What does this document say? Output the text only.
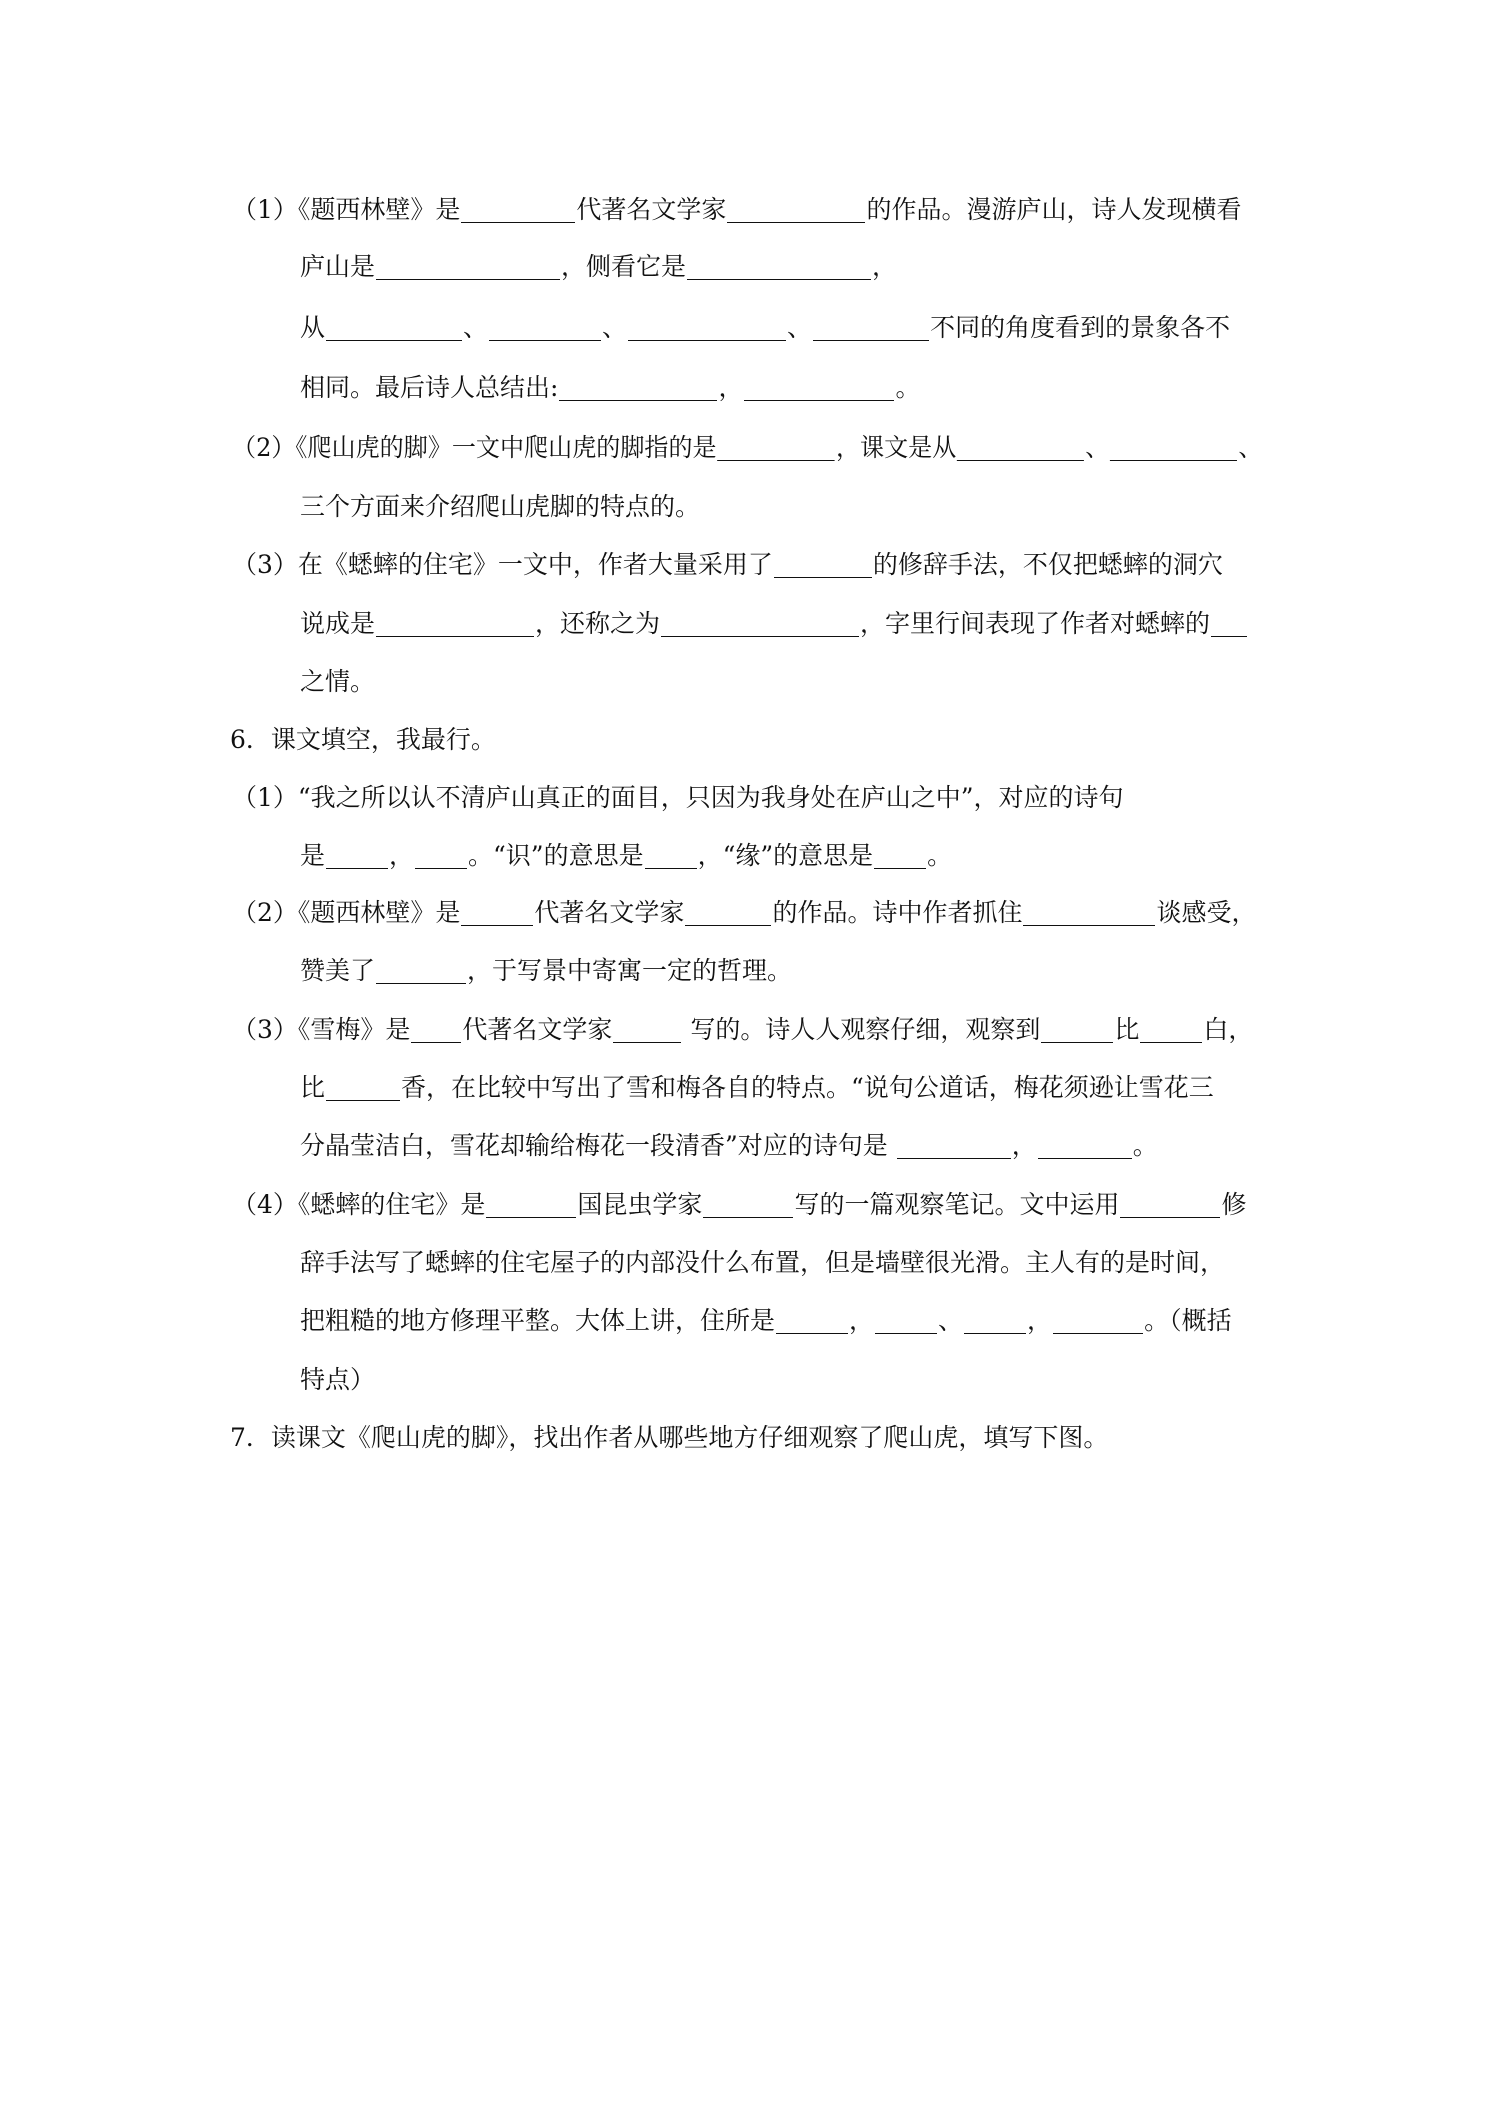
（1）《题西林壁》是	代著名文学家	的作品。漫游庐山，诗人发现横看
庐山是	，侧看它是	，
从	、	、	、	不同的角度看到的景象各不
相同。最后诗人总结出:	，	。
（2）《爬山虎的脚》一文中爬山虎的脚指的是	，课文是从	、	、
三个方面来介绍爬山虎脚的特点的。
（3）在《蟋蟀的住宅》一文中，作者大量采用了	的修辞手法，不仅把蟋蟀的洞穴
说成是	，还称之为	，字里行间表现了作者对蟋蟀的
之情。
6．课文填空，我最行。
（1）“我之所以认不清庐山真正的面目，只因为我身处在庐山之中”，对应的诗句
是	， 。“识”的意思是 ，“缘”的意思是 。
（2）《题西林壁》是	代著名文学家	的作品。诗中作者抓住	谈感受，
赞美了	，于写景中寄寓一定的哲理。
（3）《雪梅》是 代著名文学家	写的。诗人人观察仔细，观察到	比	白，
比	香，在比较中写出了雪和梅各自的特点。“说句公道话，梅花须逊让雪花三
分晶莹洁白，雪花却输给梅花一段清香”对应的诗句是	，	。
（4）《蟋蟀的住宅》是	国昆虫学家	写的一篇观察笔记。文中运用	修
辞手法写了蟋蟀的住宅屋子的内部没什么布置，但是墙壁很光滑。主人有的是时间，
把粗糙的地方修理平整。大体上讲，住所是	，	、	，	。（概括
特点）
7．读课文《爬山虎的脚》，找出作者从哪些地方仔细观察了爬山虎，填写下图。
